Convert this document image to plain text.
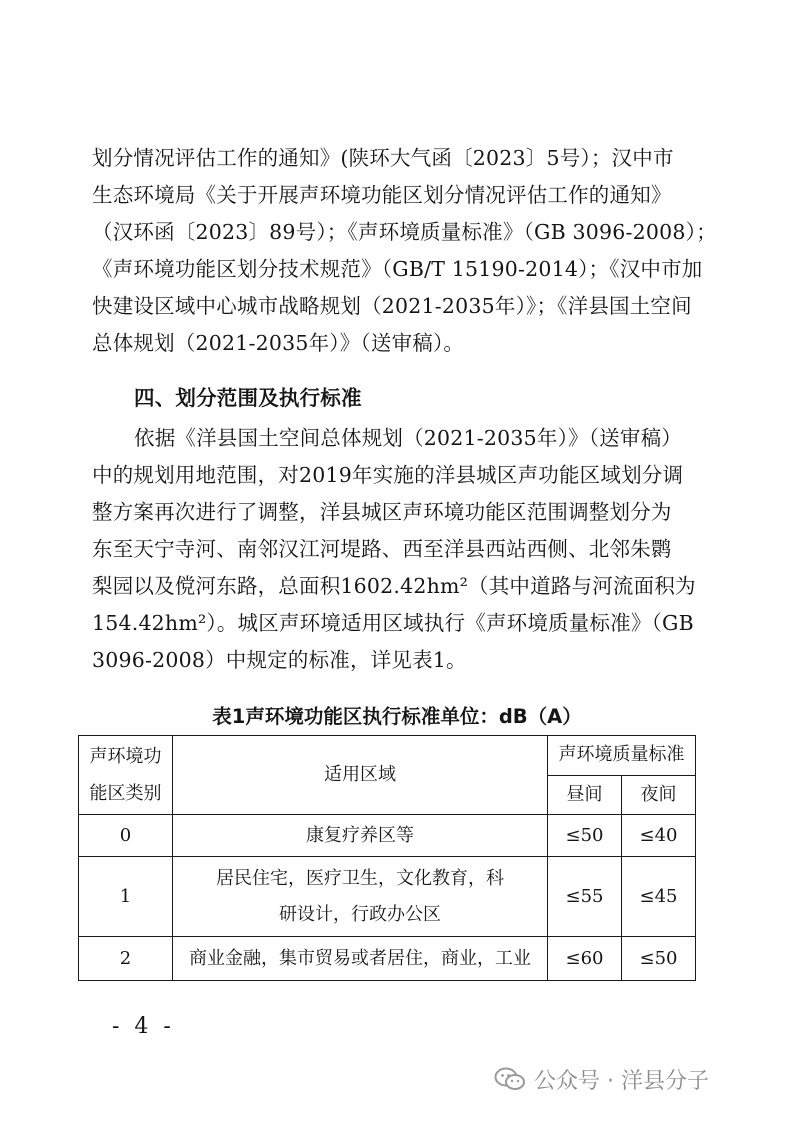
划分情况评估工作的通知》(陕环大气函〔2023〕5号）；汉中市
生态环境局《关于开展声环境功能区划分情况评估工作的通知》
（汉环函〔2023〕89号）；《声环境质量标准》（GB 3096-2008）；
《声环境功能区划分技术规范》（GB/T 15190-2014）；《汉中市加
快建设区域中心城市战略规划（2021-2035年）》；《洋县国土空间
总体规划（2021-2035年）》（送审稿）。
四、划分范围及执行标准
依据《洋县国土空间总体规划（2021-2035年）》（送审稿）
中的规划用地范围，对2019年实施的洋县城区声功能区域划分调
整方案再次进行了调整，洋县城区声环境功能区范围调整划分为
东至天宁寺河、南邻汉江河堤路、西至洋县西站西侧、北邻朱鹮
梨园以及傥河东路，总面积1602.42hm²（其中道路与河流面积为
154.42hm²）。城区声环境适用区域执行《声环境质量标准》（GB
3096-2008）中规定的标准，详见表1。
表1声环境功能区执行标准单位：dB（A）
声环境功能区类别	适用区域	声环境质量标准	
		昼间	夜间
0	康复疗养区等	≤50	≤40
1	居民住宅，医疗卫生，文化教育，科研设计，行政办公区	≤55	≤45
2	商业金融，集市贸易或者居住，商业，工业	≤60	≤50
- 4 -
公众号 · 洋县分子
